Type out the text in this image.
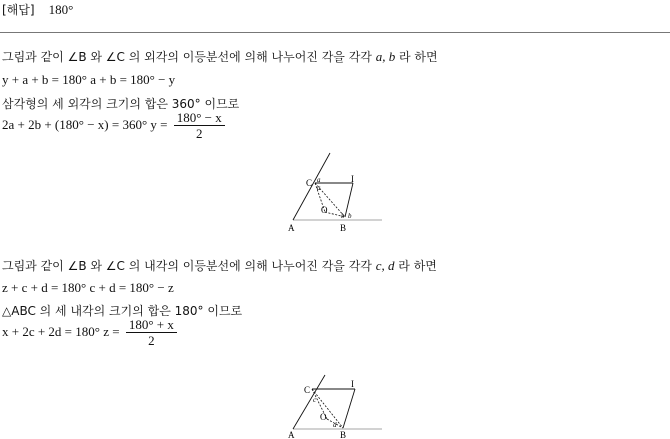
[해답] 180°
그림과 같이 ∠B 와 ∠C 의 외각의 이등분선에 의해 나누어진 각을 각각 a, b 라 하면
y + a + b = 180° a + b = 180° − y
삼각형의 세 외각의 크기의 합은 360° 이므로
2a + 2b + (180° − x) = 360° $y = \frac{180^\circ - x}{2}$
C	I
O
A	B
a
a
b b
그림과 같이 ∠B 와 ∠C 의 내각의 이등분선에 의해 나누어진 각을 각각 c, d 라 하면
z + c + d = 180° c + d = 180° − z
△ABC 의 세 내각의 크기의 합은 180° 이므로
x + 2c + 2d = 180° $z = \frac{180^\circ + x}{2}$
C
I
O
A	B
c
d
